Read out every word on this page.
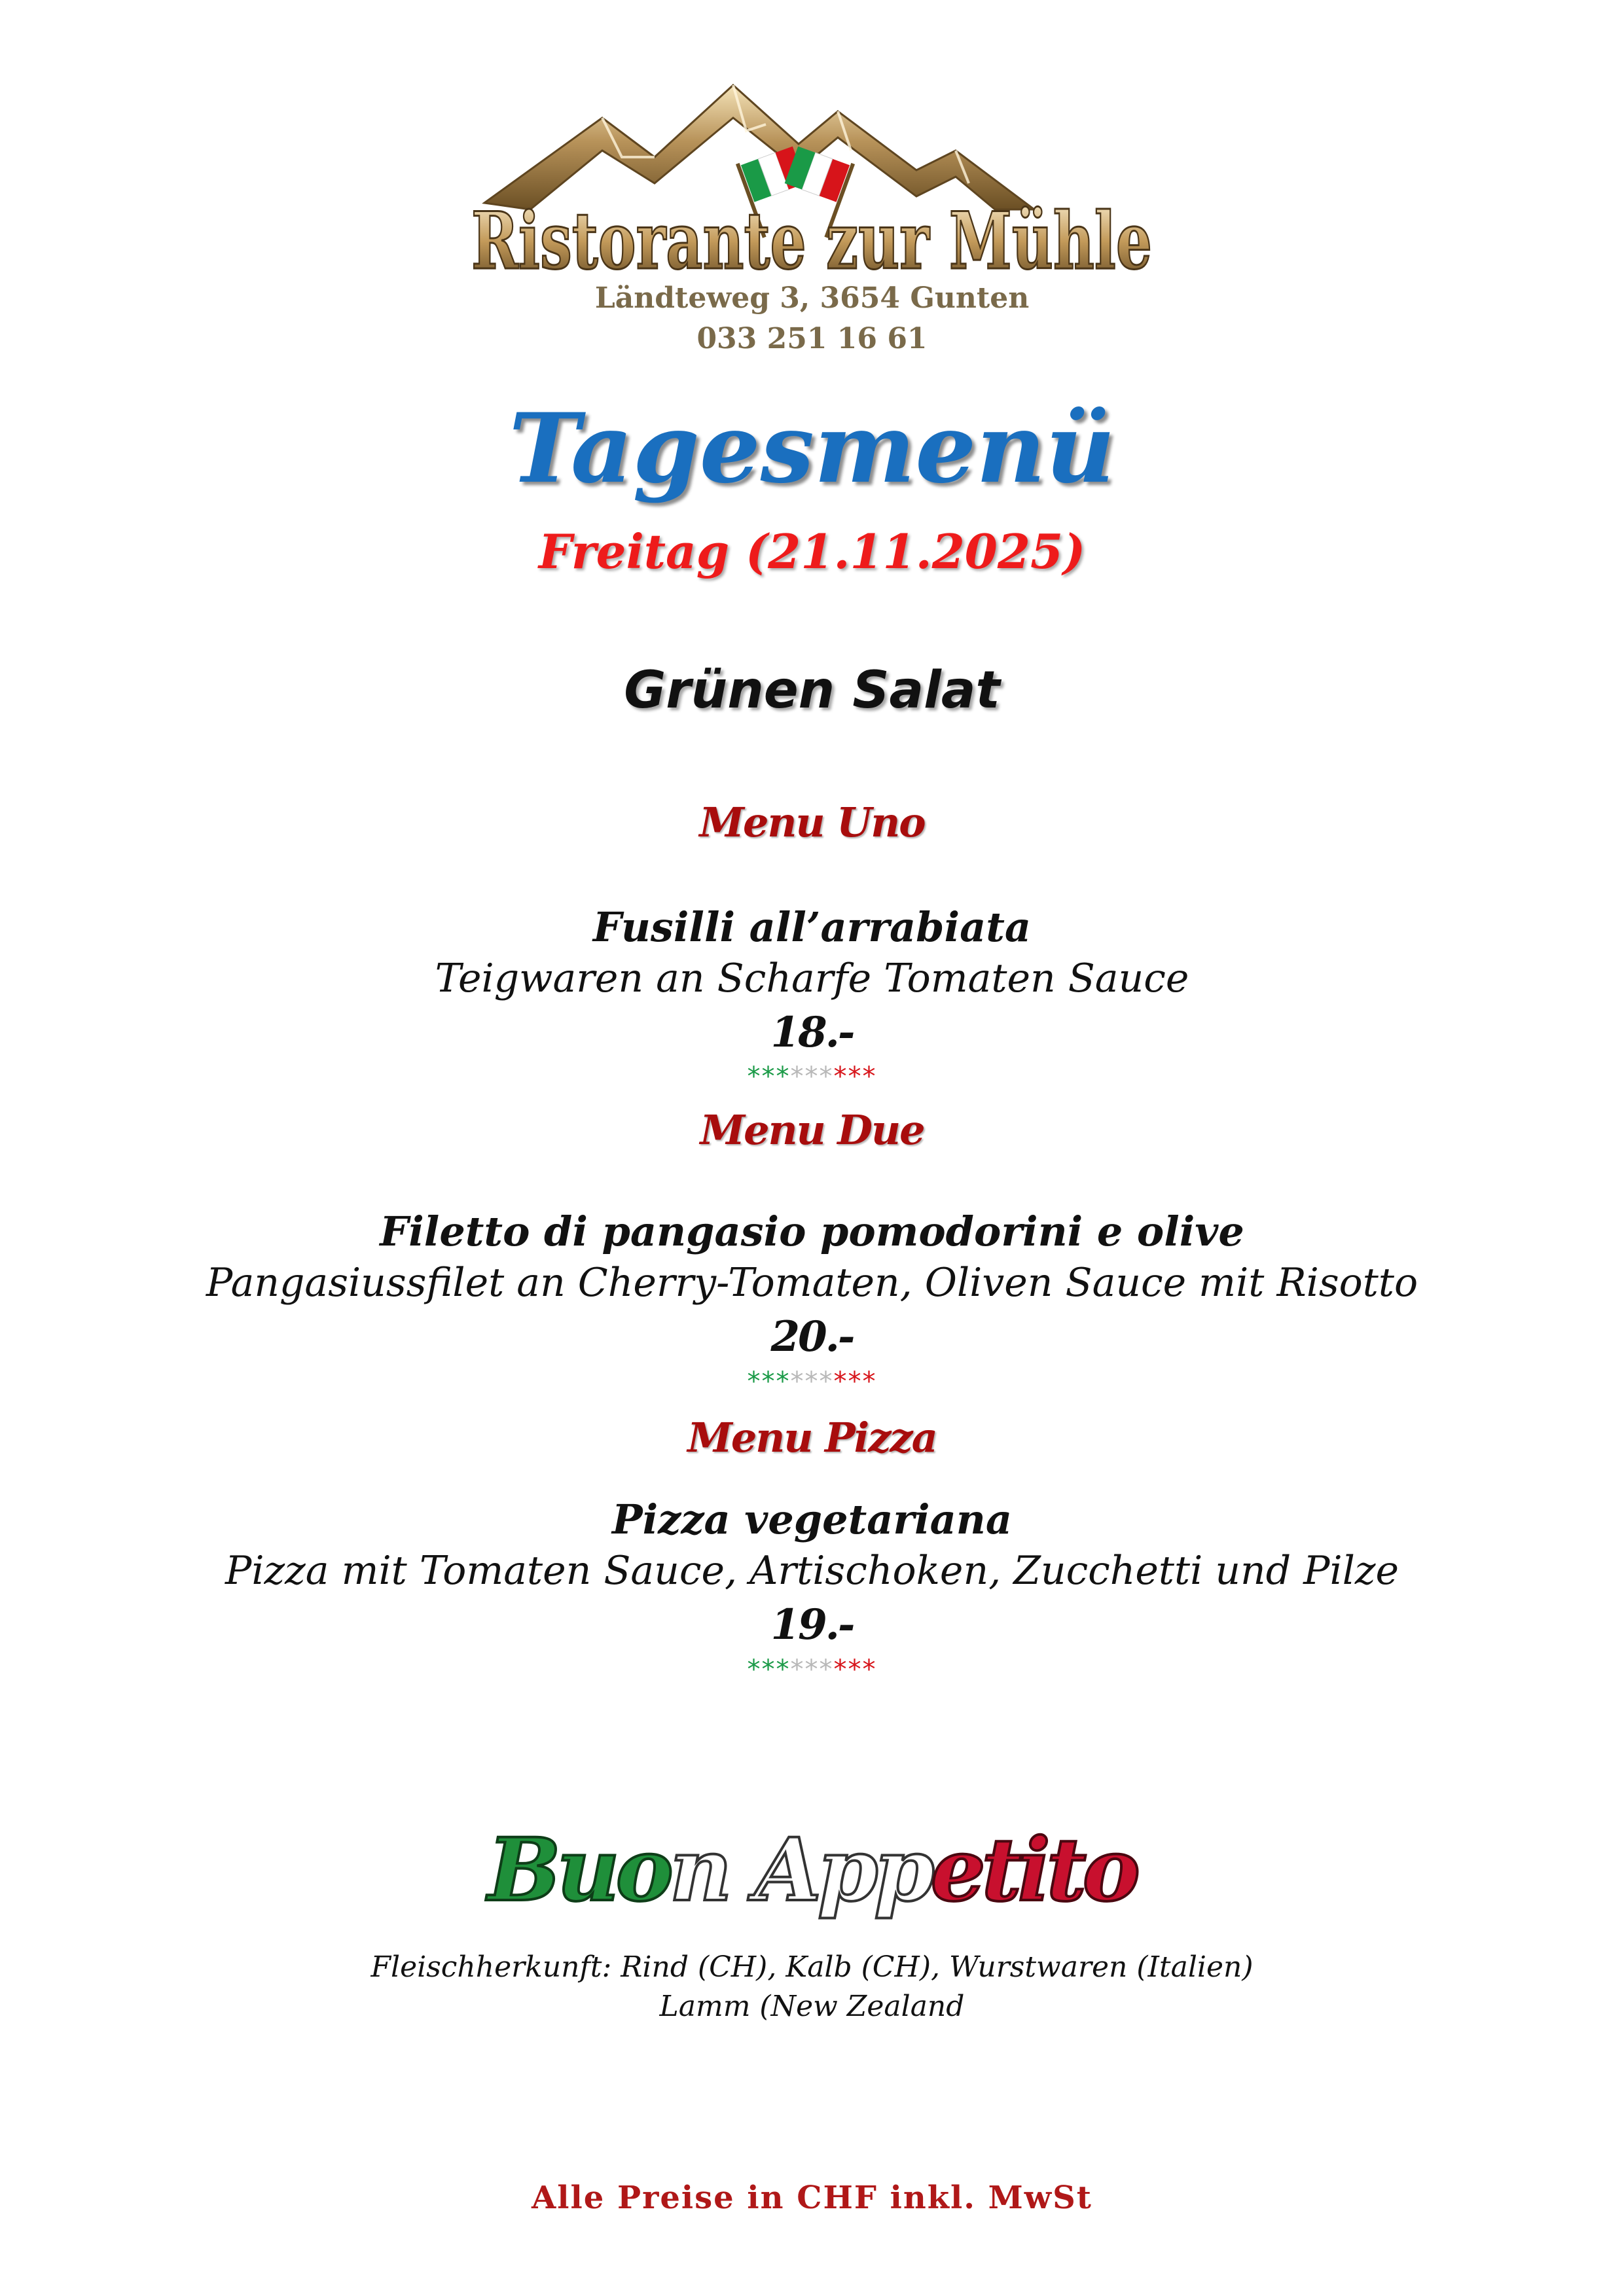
Ristorante zur Mühle
Ländteweg 3, 3654 Gunten
033 251 16 61
Tagesmenü
Freitag (21.11.2025)
Grünen Salat
Menu Uno
Fusilli all’arrabiata
Teigwaren an Scharfe Tomaten Sauce
18.-
*********
Menu Due
Filetto di pangasio pomodorini e olive
Pangasiussfilet an Cherry-Tomaten, Oliven Sauce mit Risotto
20.-
*********
Menu Pizza
Pizza vegetariana
Pizza mit Tomaten Sauce, Artischoken, Zucchetti und Pilze
19.-
*********
Buon Appetito
Fleischherkunft: Rind (CH), Kalb (CH), Wurstwaren (Italien)
Lamm (New Zealand
Alle Preise in CHF inkl. MwSt
